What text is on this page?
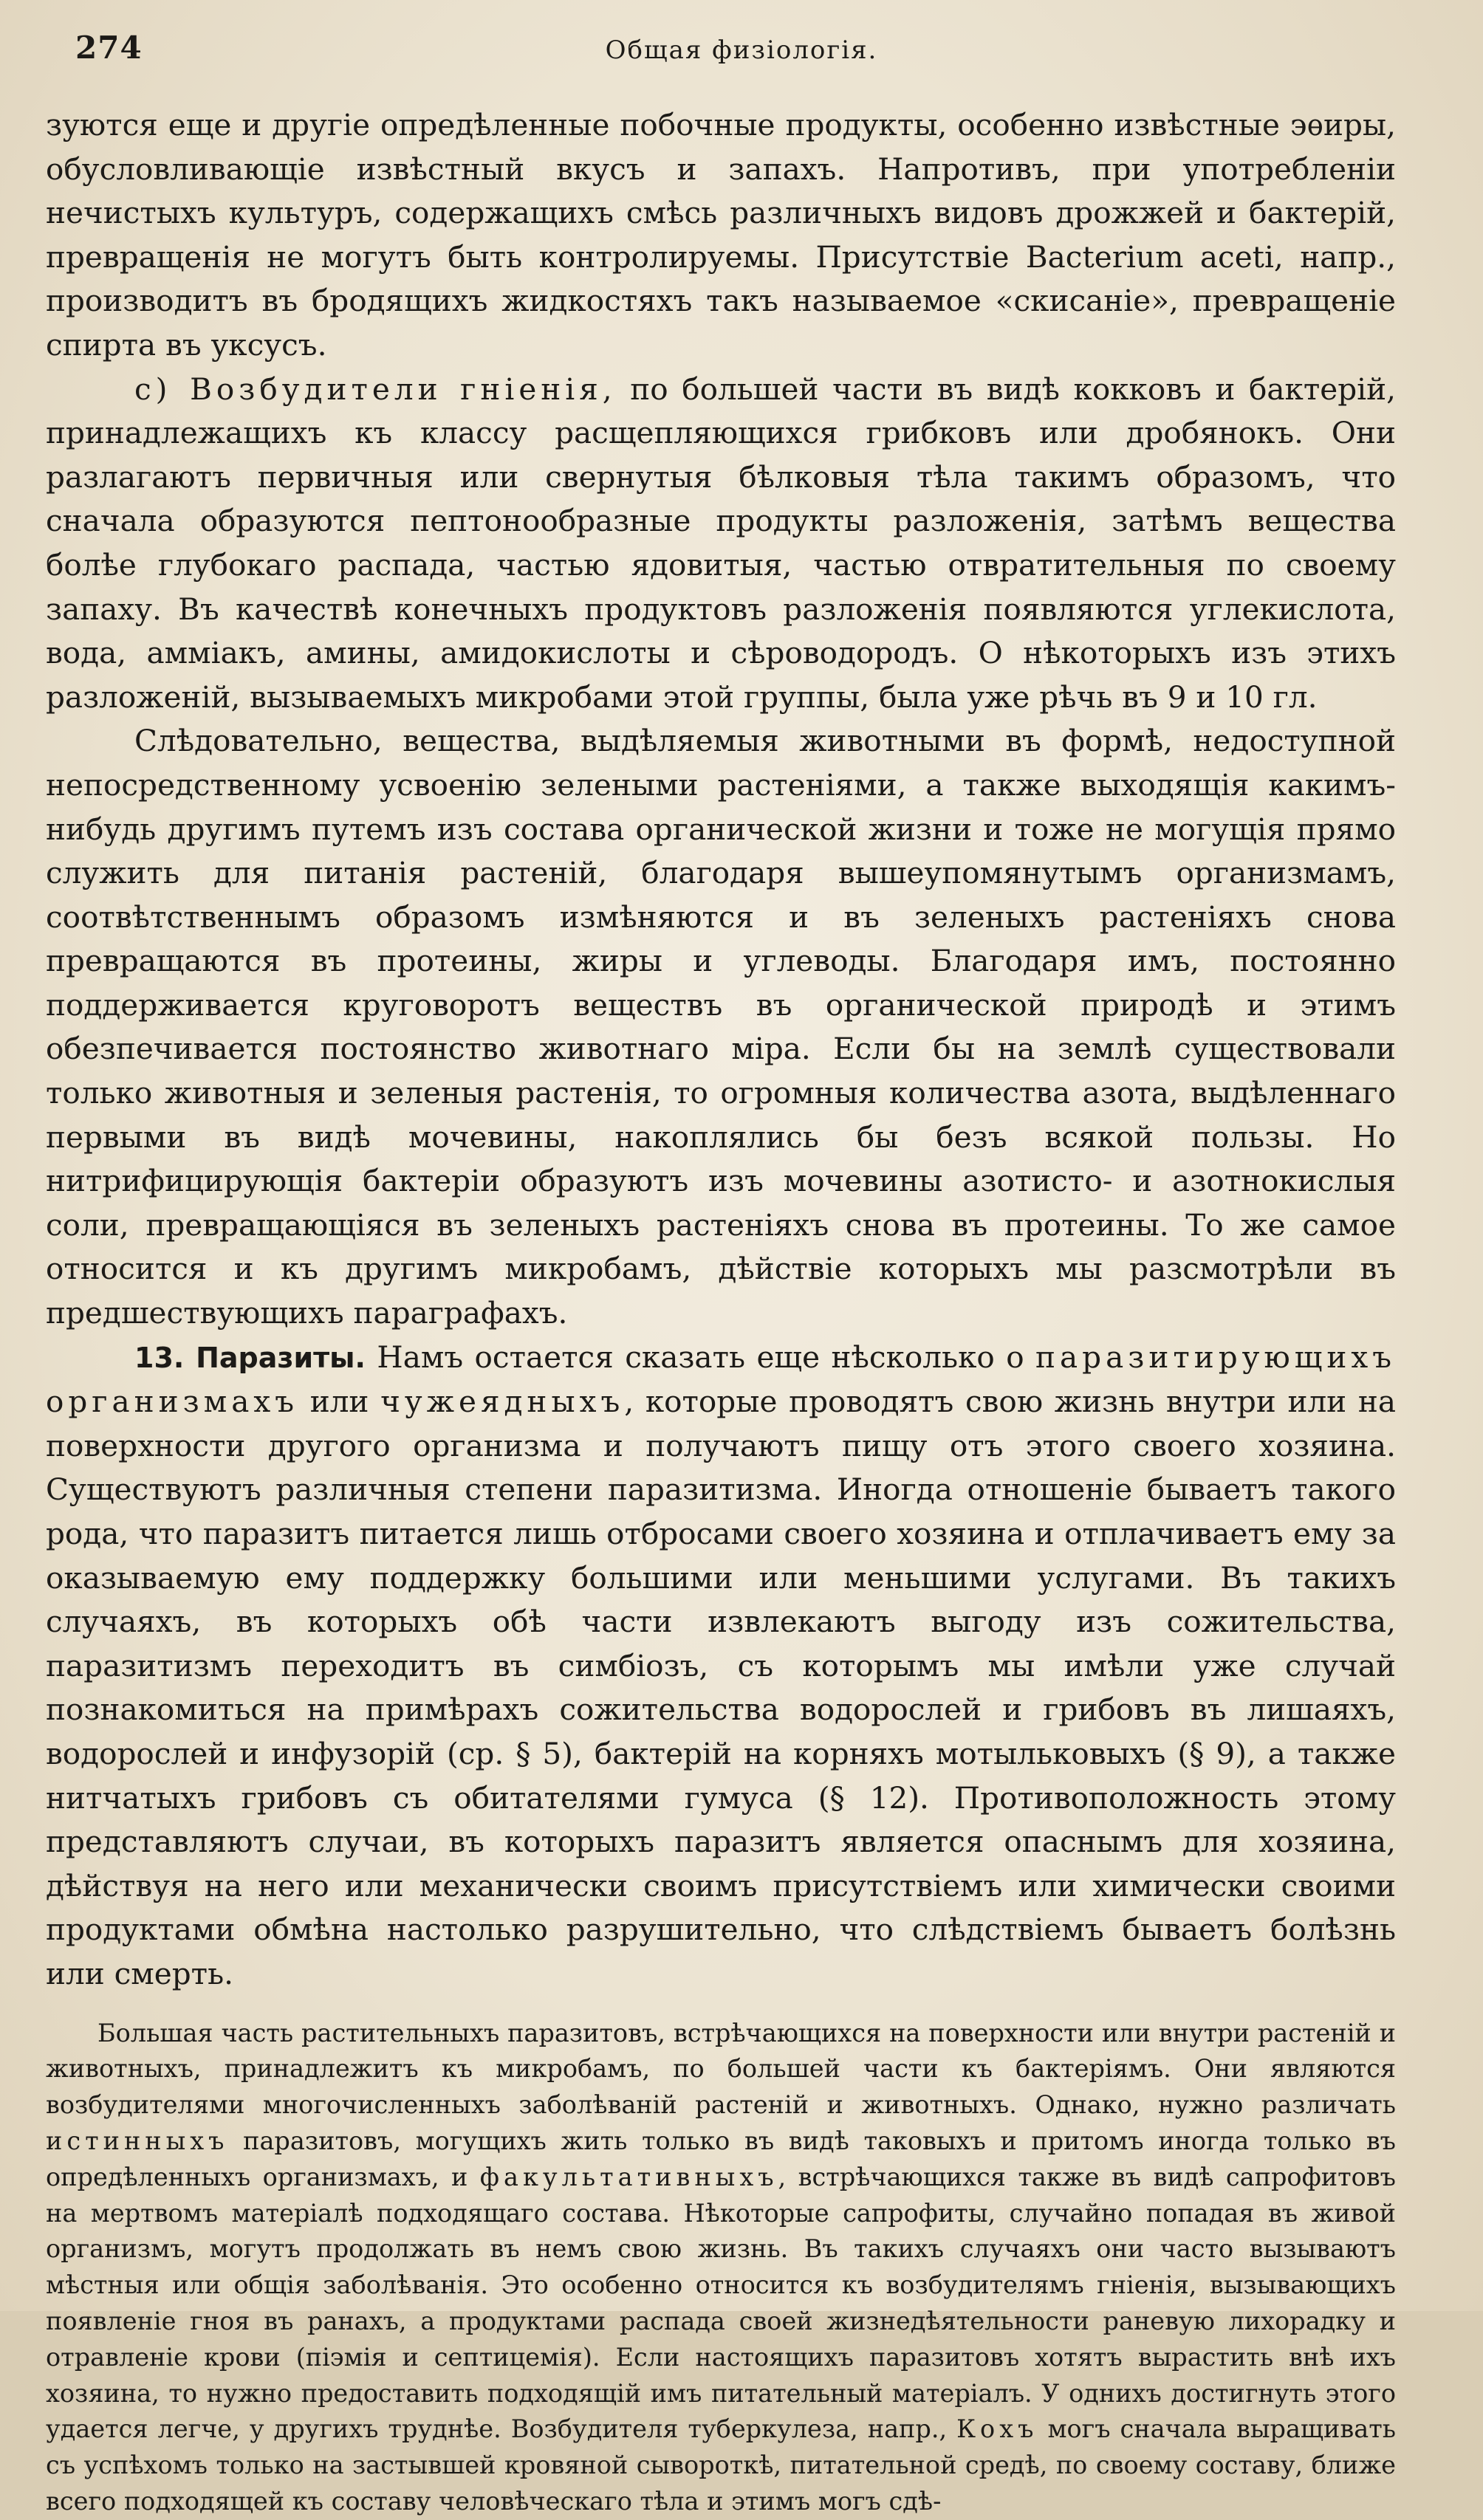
274	Общая физiологiя.

зуются еще и другiе опредѣленные побочные продукты, особенно извѣстные эѳиры, обусловливающiе извѣстный вкусъ и запахъ. Напротивъ, при употребленiи нечистыхъ культуръ, содержащихъ смѣсь различныхъ видовъ дрожжей и бактерiй, превращенiя не могутъ быть контролируемы. Присутствiе Bacterium aceti, напр., производитъ въ бродящихъ жидкостяхъ такъ называемое «скисанiе», превращенiе спирта въ уксусъ.

с) Возбудители гнiенiя, по большей части въ видѣ кокковъ и бактерiй, принадлежащихъ къ классу расщепляющихся грибковъ или дробянокъ. Они разлагаютъ первичныя или свернутыя бѣлковыя тѣла такимъ образомъ, что сначала образуются пептонообразные продукты разложенiя, затѣмъ вещества болѣе глубокаго распада, частью ядовитыя, частью отвратительныя по своему запаху. Въ качествѣ конечныхъ продуктовъ разложенiя появляются углекислота, вода, амміакъ, амины, амидокислоты и сѣроводородъ. О нѣкоторыхъ изъ этихъ разложенiй, вызываемыхъ микробами этой группы, была уже рѣчь въ 9 и 10 гл.

Слѣдовательно, вещества, выдѣляемыя животными въ формѣ, недоступной непосредственному усвоенiю зелеными растенiями, а также выходящiя какимъ-нибудь другимъ путемъ изъ состава органической жизни и тоже не могущiя прямо служить для питанiя растенiй, благодаря вышеупомянутымъ организмамъ, соотвѣтственнымъ образомъ измѣняются и въ зеленыхъ растенiяхъ снова превращаются въ протеины, жиры и углеводы. Благодаря имъ, постоянно поддерживается круговоротъ веществъ въ органической природѣ и этимъ обезпечивается постоянство животнаго мiра. Если бы на землѣ существовали только животныя и зеленыя растенiя, то огромныя количества азота, выдѣленнаго первыми въ видѣ мочевины, накоплялись бы безъ всякой пользы. Но нитрифицирующiя бактерiи образуютъ изъ мочевины азотисто- и азотнокислыя соли, превращающiяся въ зеленыхъ растенiяхъ снова въ протеины. То же самое относится и къ другимъ микробамъ, дѣйствiе которыхъ мы разсмотрѣли въ предшествующихъ параграфахъ.

13. Паразиты. Намъ остается сказать еще нѣсколько о паразитирующихъ организмахъ или чужеядныхъ, которые проводятъ свою жизнь внутри или на поверхности другого организма и получаютъ пищу отъ этого своего хозяина. Существуютъ различныя степени паразитизма. Иногда отношенiе бываетъ такого рода, что паразитъ питается лишь отбросами своего хозяина и отплачиваетъ ему за оказываемую ему поддержку большими или меньшими услугами. Въ такихъ случаяхъ, въ которыхъ обѣ части извлекаютъ выгоду изъ сожительства, паразитизмъ переходитъ въ симбiозъ, съ которымъ мы имѣли уже случай познакомиться на примѣрахъ сожительства водорослей и грибовъ въ лишаяхъ, водорослей и инфузорiй (ср. § 5), бактерiй на корняхъ мотыльковыхъ (§ 9), а также нитчатыхъ грибовъ съ обитателями гумуса (§ 12). Противоположность этому представляютъ случаи, въ которыхъ паразитъ является опаснымъ для хозяина, дѣйствуя на него или механически своимъ присутствiемъ или химически своими продуктами обмѣна настолько разрушительно, что слѣдствiемъ бываетъ болѣзнь или смерть.

Большая часть растительныхъ паразитовъ, встрѣчающихся на поверхности или внутри растенiй и животныхъ, принадлежитъ къ микробамъ, по большей части къ бактерiямъ. Они являются возбудителями многочисленныхъ заболѣванiй растенiй и животныхъ. Однако, нужно различать истинныхъ паразитовъ, могущихъ жить только въ видѣ таковыхъ и притомъ иногда только въ опредѣленныхъ организмахъ, и факультативныхъ, встрѣчающихся также въ видѣ сапрофитовъ на мертвомъ матерiалѣ подходящаго состава. Нѣкоторые сапрофиты, случайно попадая въ живой организмъ, могутъ продолжать въ немъ свою жизнь. Въ такихъ случаяхъ они часто вызываютъ мѣстныя или общiя заболѣванiя. Это особенно относится къ возбудителямъ гнiенiя, вызывающихъ появленiе гноя въ ранахъ, а продуктами распада своей жизнедѣятельности раневую лихорадку и отравленiе крови (пiэмiя и септицемiя). Если настоящихъ паразитовъ хотятъ вырастить внѣ ихъ хозяина, то нужно предоставить подходящiй имъ питательный матерiалъ. У однихъ достигнуть этого удается легче, у другихъ труднѣе. Возбудителя туберкулеза, напр., Кохъ могъ сначала выращивать съ успѣхомъ только на застывшей кровяной сывороткѣ, питательной средѣ, по своему составу, ближе всего подходящей къ составу человѣческаго тѣла и этимъ могъ сдѣ-
